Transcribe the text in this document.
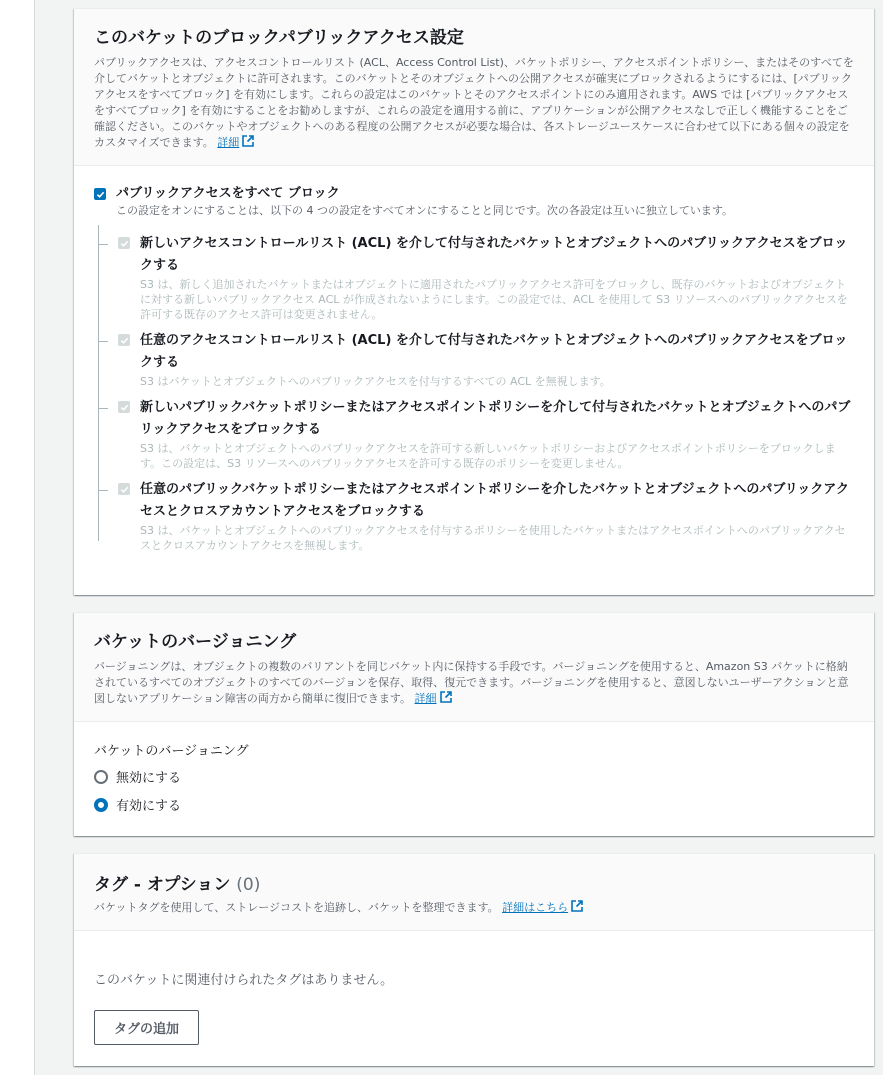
このバケットのブロックパブリックアクセス設定
パブリックアクセスは、アクセスコントロールリスト (ACL、Access Control List)、バケットポリシー、アクセスポイントポリシー、またはそのすべてを介してバケットとオブジェクトに許可されます。このバケットとそのオブジェクトへの公開アクセスが確実にブロックされるようにするには、[パブリックアクセスをすべてブロック] を有効にします。これらの設定はこのバケットとそのアクセスポイントにのみ適用されます。AWS では [パブリックアクセスをすべてブロック] を有効にすることをお勧めしますが、これらの設定を適用する前に、アプリケーションが公開アクセスなしで正しく機能することをご確認ください。このバケットやオブジェクトへのある程度の公開アクセスが必要な場合は、各ストレージユースケースに合わせて以下にある個々の設定をカスタマイズできます。 詳細
パブリックアクセスをすべて ブロック
この設定をオンにすることは、以下の 4 つの設定をすべてオンにすることと同じです。次の各設定は互いに独立しています。
新しいアクセスコントロールリスト (ACL) を介して付与されたバケットとオブジェクトへのパブリックアクセスをブロックする
S3 は、新しく追加されたバケットまたはオブジェクトに適用されたパブリックアクセス許可をブロックし、既存のバケットおよびオブジェクトに対する新しいパブリックアクセス ACL が作成されないようにします。この設定では、ACL を使用して S3 リソースへのパブリックアクセスを許可する既存のアクセス許可は変更されません。
任意のアクセスコントロールリスト (ACL) を介して付与されたバケットとオブジェクトへのパブリックアクセスをブロックする
S3 はバケットとオブジェクトへのパブリックアクセスを付与するすべての ACL を無視します。
新しいパブリックバケットポリシーまたはアクセスポイントポリシーを介して付与されたバケットとオブジェクトへのパブリックアクセスをブロックする
S3 は、バケットとオブジェクトへのパブリックアクセスを許可する新しいバケットポリシーおよびアクセスポイントポリシーをブロックします。この設定は、S3 リソースへのパブリックアクセスを許可する既存のポリシーを変更しません。
任意のパブリックバケットポリシーまたはアクセスポイントポリシーを介したバケットとオブジェクトへのパブリックアクセスとクロスアカウントアクセスをブロックする
S3 は、バケットとオブジェクトへのパブリックアクセスを付与するポリシーを使用したバケットまたはアクセスポイントへのパブリックアクセスとクロスアカウントアクセスを無視します。
バケットのバージョニング
バージョニングは、オブジェクトの複数のバリアントを同じバケット内に保持する手段です。バージョニングを使用すると、Amazon S3 バケットに格納されているすべてのオブジェクトのすべてのバージョンを保存、取得、復元できます。バージョニングを使用すると、意図しないユーザーアクションと意図しないアプリケーション障害の両方から簡単に復旧できます。 詳細
バケットのバージョニング
無効にする
有効にする
タグ - オプション (0)
バケットタグを使用して、ストレージコストを追跡し、バケットを整理できます。 詳細はこちら
このバケットに関連付けられたタグはありません。
タグの追加
